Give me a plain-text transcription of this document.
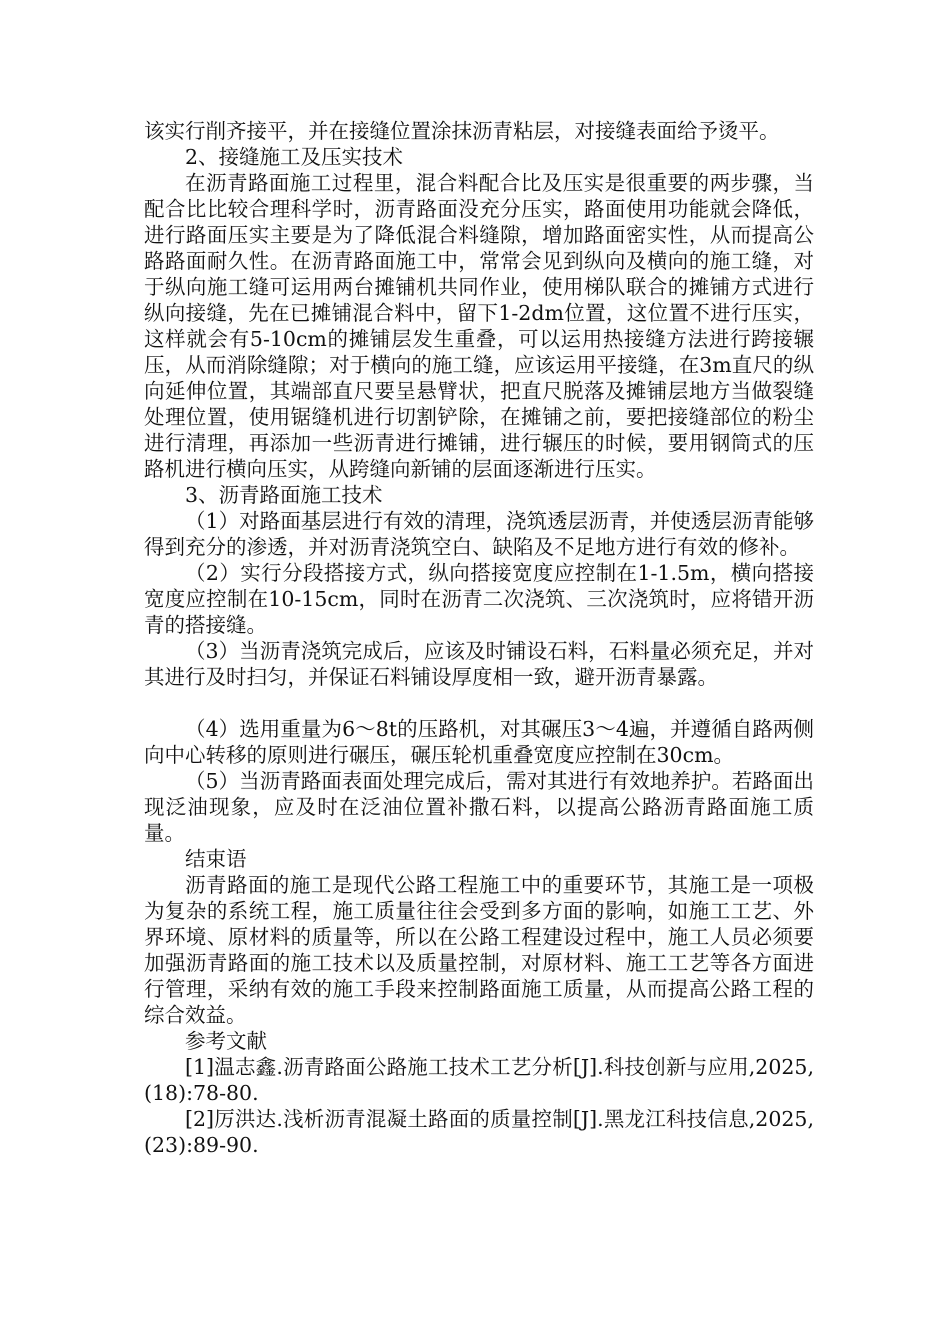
该实行削齐接平，并在接缝位置涂抹沥青粘层，对接缝表面给予烫平。

2、接缝施工及压实技术

在沥青路面施工过程里，混合料配合比及压实是很重要的两步骤，当配合比比较合理科学时，沥青路面没充分压实，路面使用功能就会降低，进行路面压实主要是为了降低混合料缝隙，增加路面密实性，从而提高公路路面耐久性。在沥青路面施工中，常常会见到纵向及横向的施工缝，对于纵向施工缝可运用两台摊铺机共同作业，使用梯队联合的摊铺方式进行纵向接缝，先在已摊铺混合料中，留下1-2dm位置，这位置不进行压实，这样就会有5-10cm的摊铺层发生重叠，可以运用热接缝方法进行跨接辗压，从而消除缝隙；对于横向的施工缝，应该运用平接缝，在3m直尺的纵向延伸位置，其端部直尺要呈悬臂状，把直尺脱落及摊铺层地方当做裂缝处理位置，使用锯缝机进行切割铲除，在摊铺之前，要把接缝部位的粉尘进行清理，再添加一些沥青进行摊铺，进行辗压的时候，要用钢筒式的压路机进行横向压实，从跨缝向新铺的层面逐渐进行压实。

3、沥青路面施工技术

（1）对路面基层进行有效的清理，浇筑透层沥青，并使透层沥青能够得到充分的渗透，并对沥青浇筑空白、缺陷及不足地方进行有效的修补。

（2）实行分段搭接方式，纵向搭接宽度应控制在1-1.5m，横向搭接宽度应控制在10-15cm，同时在沥青二次浇筑、三次浇筑时，应将错开沥青的搭接缝。

（3）当沥青浇筑完成后，应该及时铺设石料，石料量必须充足，并对其进行及时扫匀，并保证石料铺设厚度相一致，避开沥青暴露。

（4）选用重量为6～8t的压路机，对其碾压3～4遍，并遵循自路两侧向中心转移的原则进行碾压，碾压轮机重叠宽度应控制在30cm。

（5）当沥青路面表面处理完成后，需对其进行有效地养护。若路面出现泛油现象，应及时在泛油位置补撒石料，以提高公路沥青路面施工质量。

结束语

沥青路面的施工是现代公路工程施工中的重要环节，其施工是一项极为复杂的系统工程，施工质量往往会受到多方面的影响，如施工工艺、外界环境、原材料的质量等，所以在公路工程建设过程中，施工人员必须要加强沥青路面的施工技术以及质量控制，对原材料、施工工艺等各方面进行管理，采纳有效的施工手段来控制路面施工质量，从而提高公路工程的综合效益。

参考文献

[1]温志鑫.沥青路面公路施工技术工艺分析[J].科技创新与应用,2025,(18):78-80.

[2]厉洪达.浅析沥青混凝土路面的质量控制[J].黑龙江科技信息,2025,(23):89-90.
